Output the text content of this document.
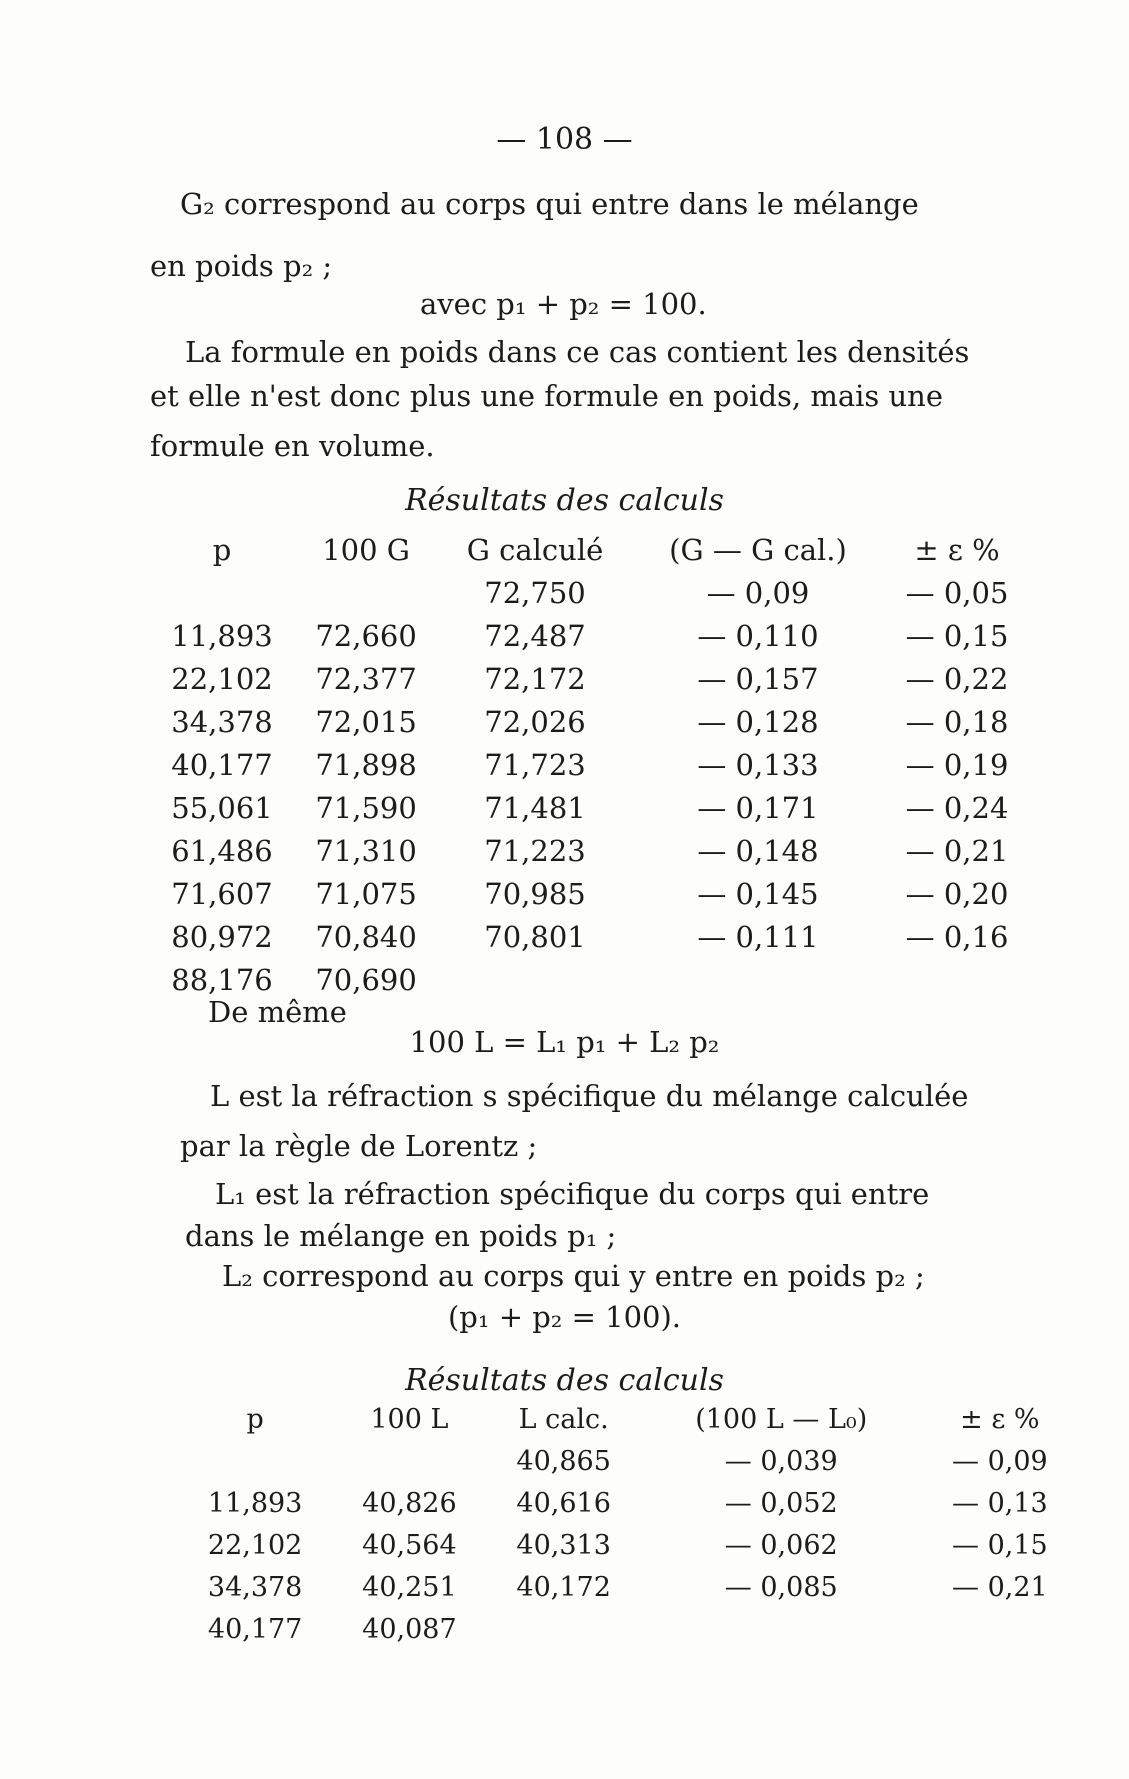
— 108 —
G₂ correspond au corps qui entre dans le mélange
en poids p₂ ;
avec p₁ + p₂ = 100.
La formule en poids dans ce cas contient les densités
et elle n'est donc plus une formule en poids, mais une
formule en volume.
Résultats des calculs
p	100 G	G calculé	(G — G cal.)	± ε %
		72,750	— 0,09	— 0,05
11,893	72,660	72,487	— 0,110	— 0,15
22,102	72,377	72,172	— 0,157	— 0,22
34,378	72,015	72,026	— 0,128	— 0,18
40,177	71,898	71,723	— 0,133	— 0,19
55,061	71,590	71,481	— 0,171	— 0,24
61,486	71,310	71,223	— 0,148	— 0,21
71,607	71,075	70,985	— 0,145	— 0,20
80,972	70,840	70,801	— 0,111	— 0,16
88,176	70,690			
De même
100 L = L₁ p₁ + L₂ p₂
L est la réfraction s spécifique du mélange calculée
par la règle de Lorentz ;
L₁ est la réfraction spécifique du corps qui entre
dans le mélange en poids p₁ ;
L₂ correspond au corps qui y entre en poids p₂ ;
(p₁ + p₂ = 100).
Résultats des calculs
p	100 L	L calc.	(100 L — L₀)	± ε %
		40,865	— 0,039	— 0,09
11,893	40,826	40,616	— 0,052	— 0,13
22,102	40,564	40,313	— 0,062	— 0,15
34,378	40,251	40,172	— 0,085	— 0,21
40,177	40,087			
